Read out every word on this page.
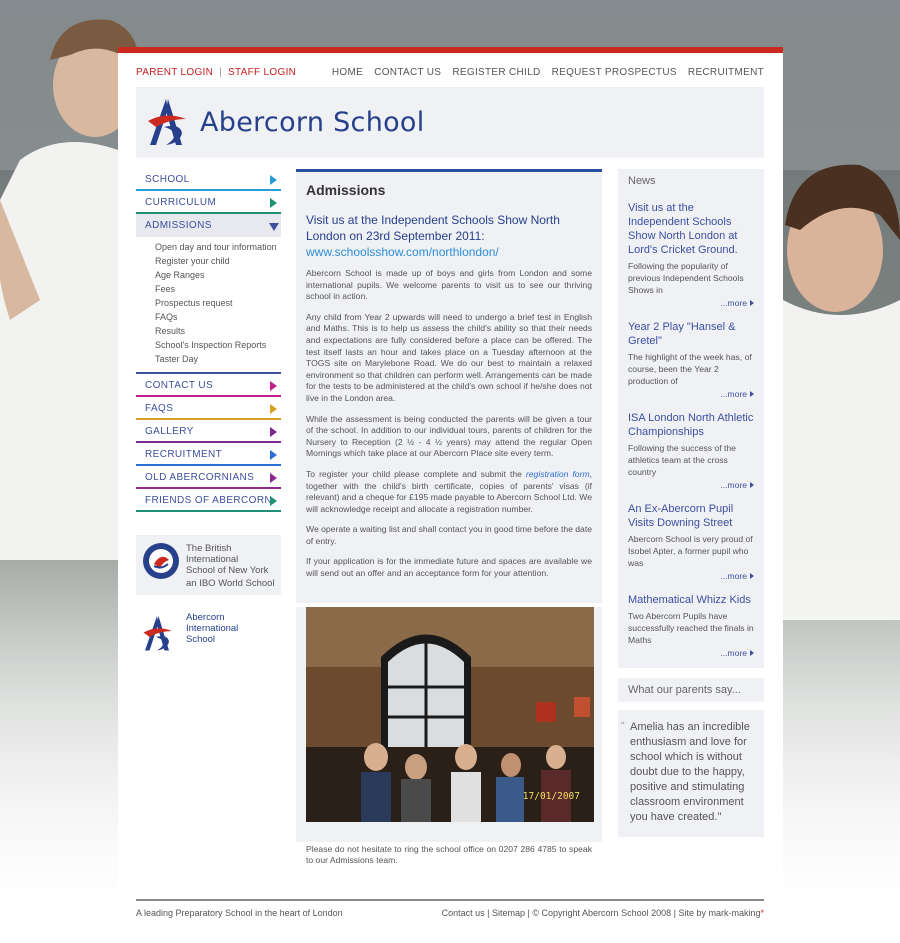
PARENT LOGIN | STAFF LOGIN	HOME CONTACT US REGISTER CHILD REQUEST PROSPECTUS RECRUITMENT
Abercorn School
SCHOOL
CURRICULUM
ADMISSIONS
Open day and tour information
Register your child
Age Ranges
Fees
Prospectus request
FAQs
Results
School's Inspection Reports
Taster Day
CONTACT US
FAQS
GALLERY
RECRUITMENT
OLD ABERCORNIANS
FRIENDS OF ABERCORN
The British
International
School of New York
an IBO World School
Abercorn
International
School
Admissions
Visit us at the Independent Schools Show North London on 23rd September 2011:
www.schoolsshow.com/northlondon/
Abercorn School is made up of boys and girls from London and some international pupils. We welcome parents to visit us to see our thriving school in action.
Any child from Year 2 upwards will need to undergo a brief test in English and Maths. This is to help us assess the child's ability so that their needs and expectations are fully considered before a place can be offered. The test itself lasts an hour and takes place on a Tuesday afternoon at the TOGS site on Marylebone Road. We do our best to maintain a relaxed environment so that children can perform well. Arrangements can be made for the tests to be administered at the child's own school if he/she does not live in the London area.
While the assessment is being conducted the parents will be given a tour of the school. In addition to our individual tours, parents of children for the Nursery to Reception (2 ½ - 4 ½ years) may attend the regular Open Mornings which take place at our Abercorn Place site every term.
To register your child please complete and submit the registration form, together with the child's birth certificate, copies of parents' visas (if relevant) and a cheque for £195 made payable to Abercorn School Ltd. We will acknowledge receipt and allocate a registration number.
We operate a waiting list and shall contact you in good time before the date of entry.
If your application is for the immediate future and spaces are available we will send out an offer and an acceptance form for your attention.
17/01/2007
Please do not hesitate to ring the school office on 0207 286 4785 to speak to our Admissions team.
News
Visit us at the Independent Schools Show North London at Lord's Cricket Ground.
Following the popularity of previous Independent Schools Shows in
...more
Year 2 Play "Hansel & Gretel"
The highlight of the week has, of course, been the Year 2 production of
...more
ISA London North Athletic Championships
Following the success of the athletics team at the cross country
...more
An Ex-Abercorn Pupil Visits Downing Street
Abercorn School is very proud of Isobel Apter, a former pupil who was
...more
Mathematical Whizz Kids
Two Abercorn Pupils have successfully reached the finals in Maths
...more
What our parents say...
“ Amelia has an incredible enthusiasm and love for school which is without doubt due to the happy, positive and stimulating classroom environment you have created."
A leading Preparatory School in the heart of London	Contact us | Sitemap | © Copyright Abercorn School 2008 | Site by mark-making*
